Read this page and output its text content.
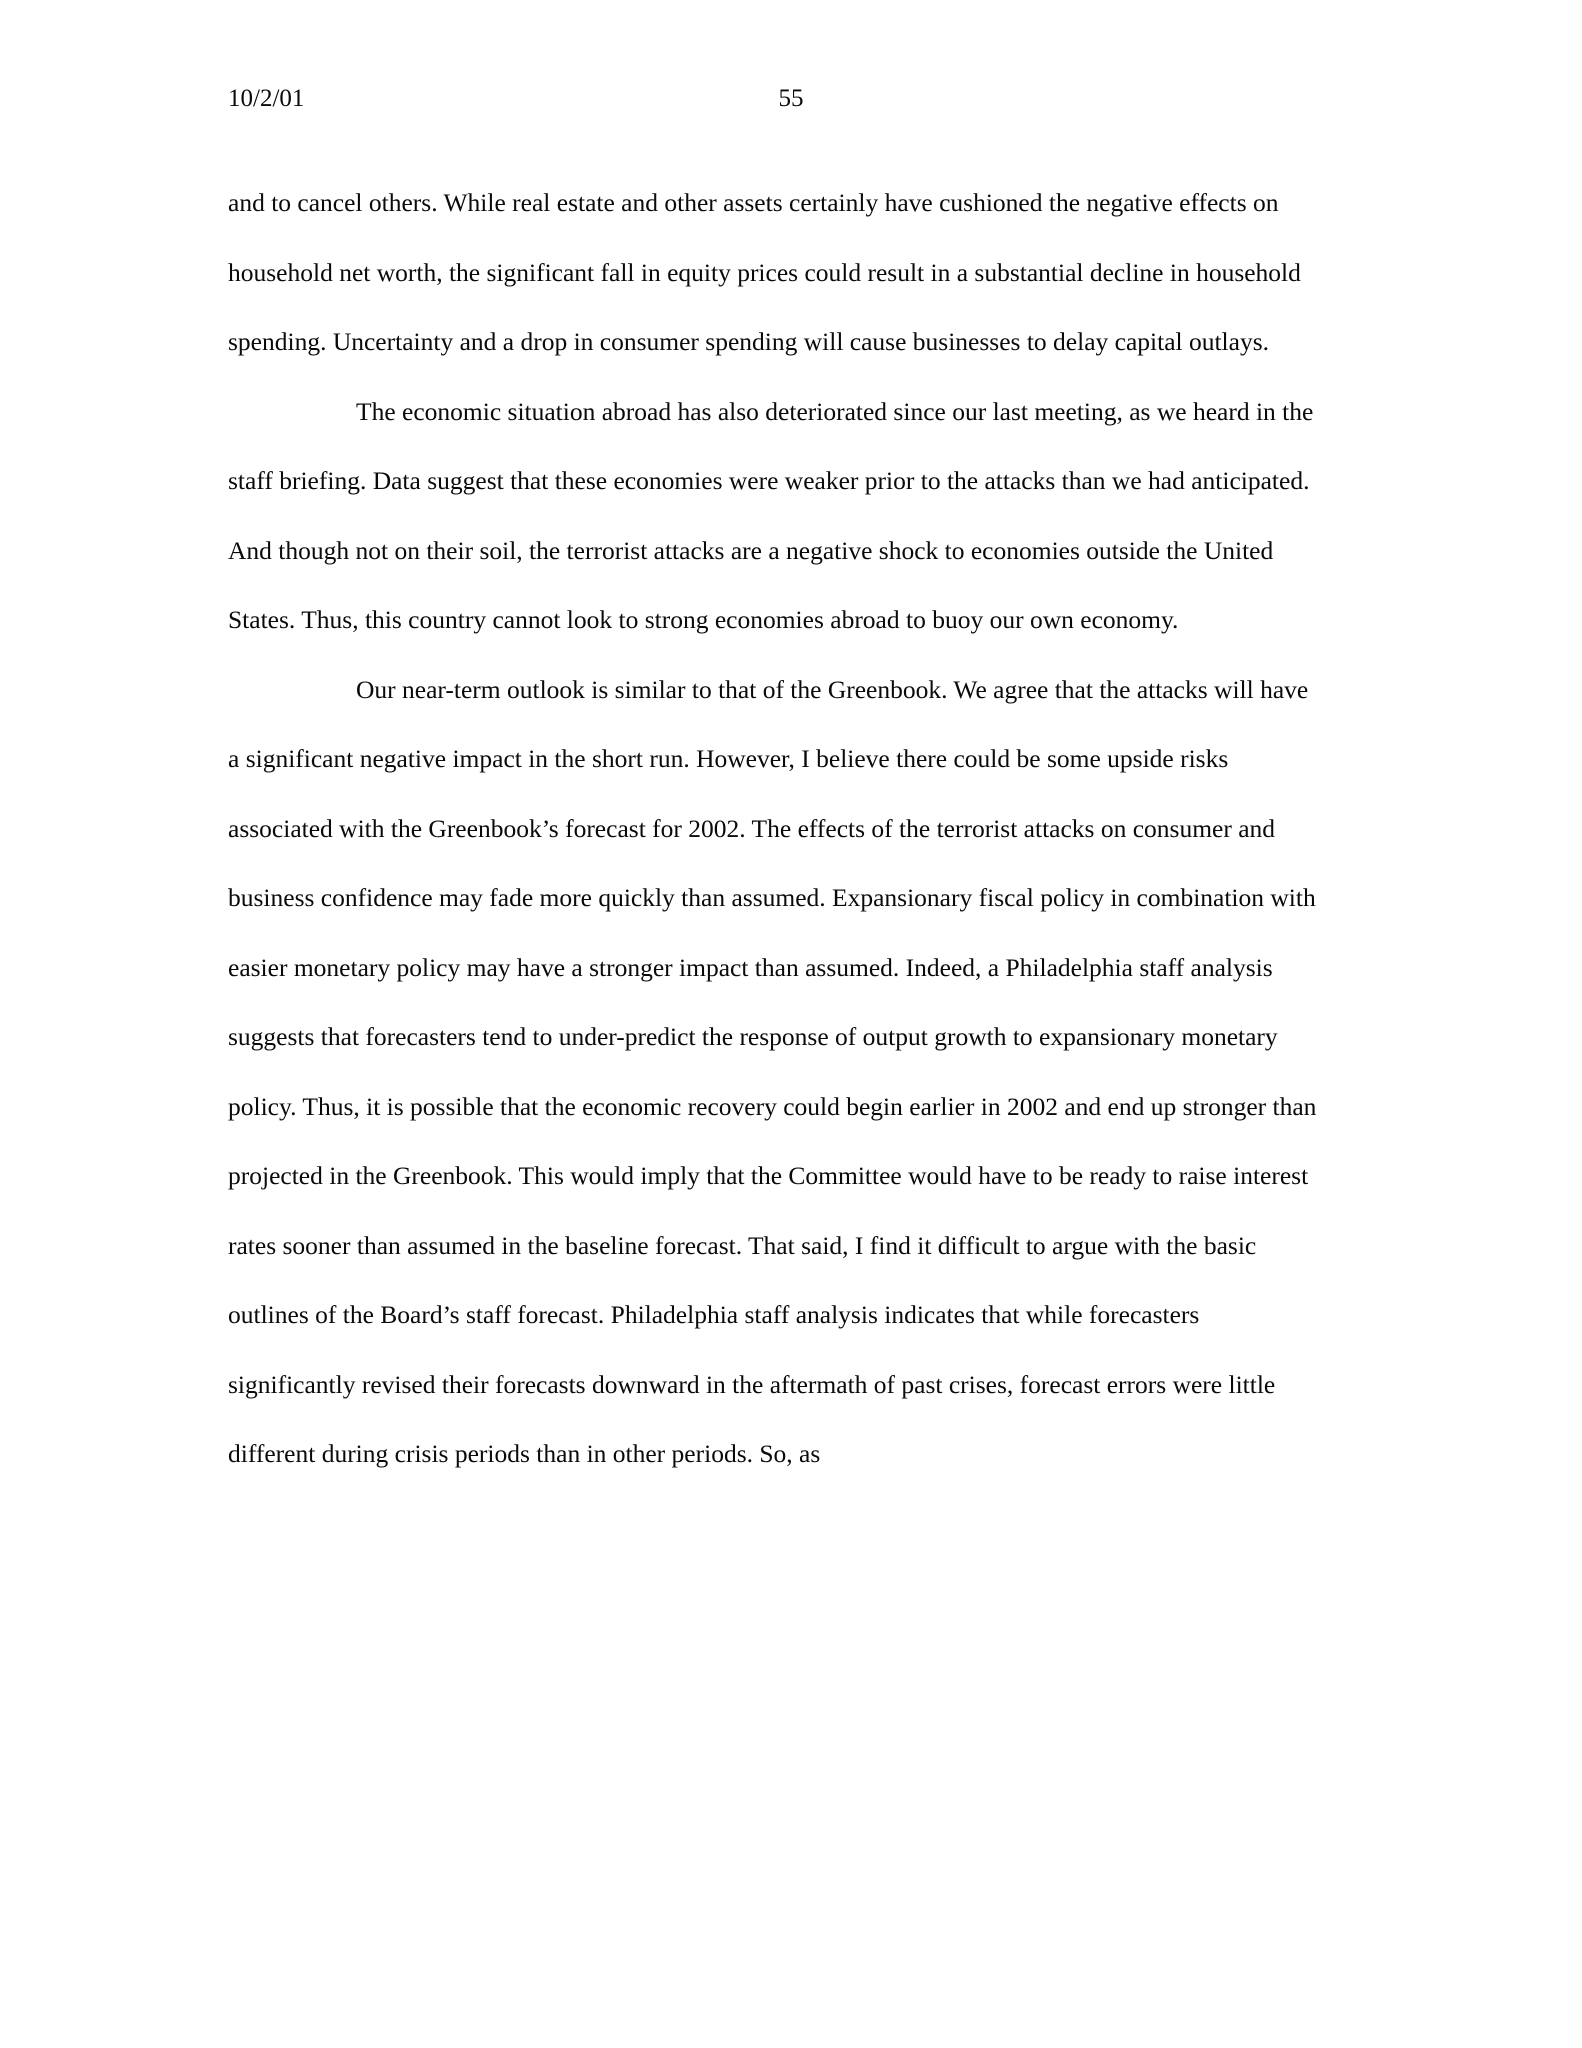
10/2/01	55

and to cancel others. While real estate and other assets certainly have cushioned the negative effects on household net worth, the significant fall in equity prices could result in a substantial decline in household spending. Uncertainty and a drop in consumer spending will cause businesses to delay capital outlays.

The economic situation abroad has also deteriorated since our last meeting, as we heard in the staff briefing. Data suggest that these economies were weaker prior to the attacks than we had anticipated. And though not on their soil, the terrorist attacks are a negative shock to economies outside the United States. Thus, this country cannot look to strong economies abroad to buoy our own economy.

Our near-term outlook is similar to that of the Greenbook. We agree that the attacks will have a significant negative impact in the short run. However, I believe there could be some upside risks associated with the Greenbook’s forecast for 2002. The effects of the terrorist attacks on consumer and business confidence may fade more quickly than assumed. Expansionary fiscal policy in combination with easier monetary policy may have a stronger impact than assumed. Indeed, a Philadelphia staff analysis suggests that forecasters tend to under-predict the response of output growth to expansionary monetary policy. Thus, it is possible that the economic recovery could begin earlier in 2002 and end up stronger than projected in the Greenbook. This would imply that the Committee would have to be ready to raise interest rates sooner than assumed in the baseline forecast. That said, I find it difficult to argue with the basic outlines of the Board’s staff forecast. Philadelphia staff analysis indicates that while forecasters significantly revised their forecasts downward in the aftermath of past crises, forecast errors were little different during crisis periods than in other periods. So, as
